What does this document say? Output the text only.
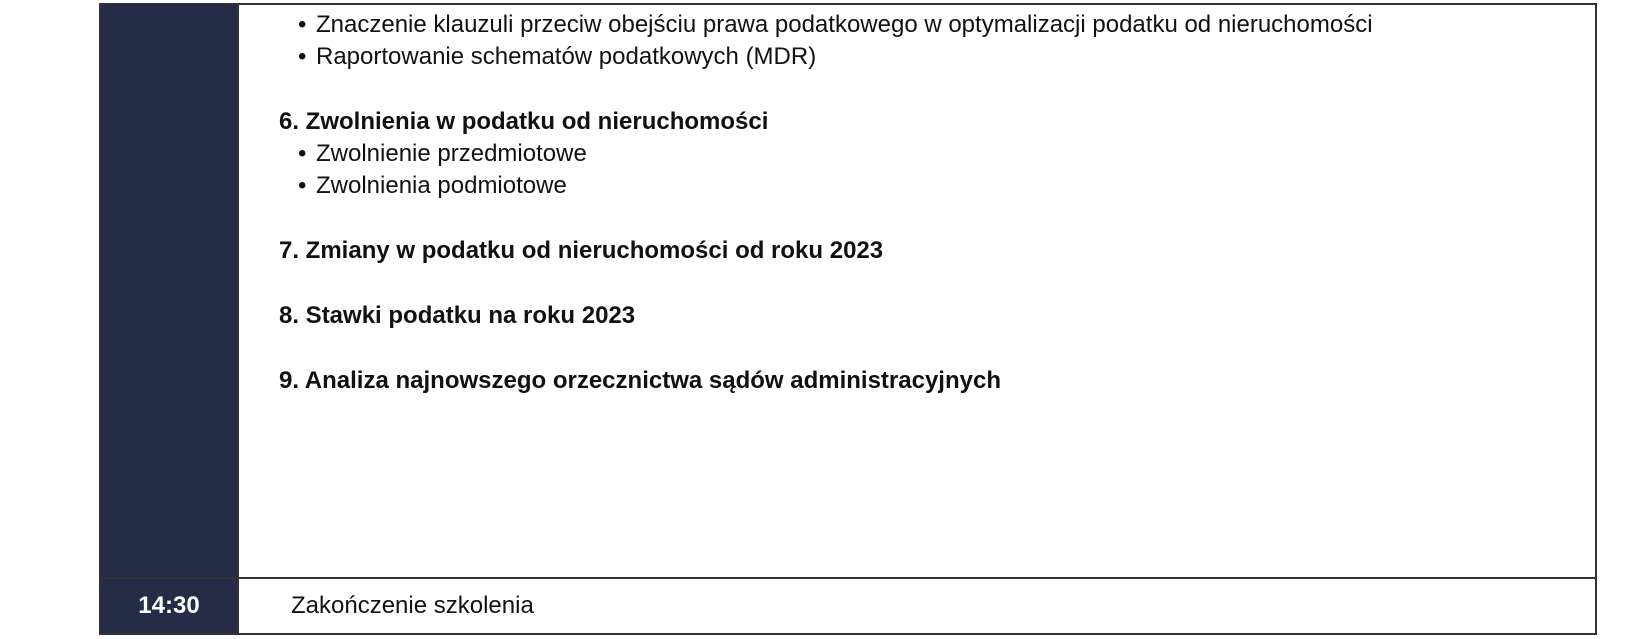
• Znaczenie klauzuli przeciw obejściu prawa podatkowego w optymalizacji podatku od nieruchomości
• Raportowanie schematów podatkowych (MDR)
6. Zwolnienia w podatku od nieruchomości
• Zwolnienie przedmiotowe
• Zwolnienia podmiotowe
7. Zmiany w podatku od nieruchomości od roku 2023
8. Stawki podatku na roku 2023
9. Analiza najnowszego orzecznictwa sądów administracyjnych
14:30	Zakończenie szkolenia
